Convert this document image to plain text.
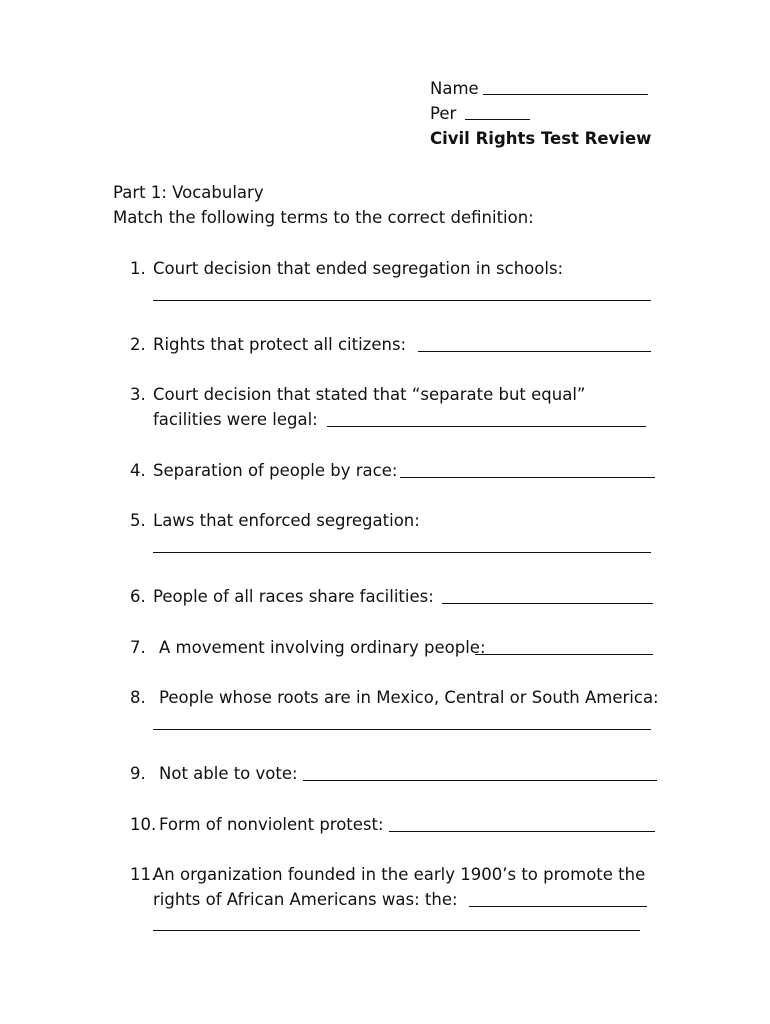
Name
Per
Civil Rights Test Review
Part 1: Vocabulary
Match the following terms to the correct definition:
1. Court decision that ended segregation in schools:
2. Rights that protect all citizens:
3. Court decision that stated that “separate but equal”
facilities were legal:
4. Separation of people by race:
5. Laws that enforced segregation:
6. People of all races share facilities:
7. A movement involving ordinary people:
8. People whose roots are in Mexico, Central or South America:
9. Not able to vote:
10. Form of nonviolent protest:
11.
An organization founded in the early 1900’s to promote the
rights of African Americans was: the:
